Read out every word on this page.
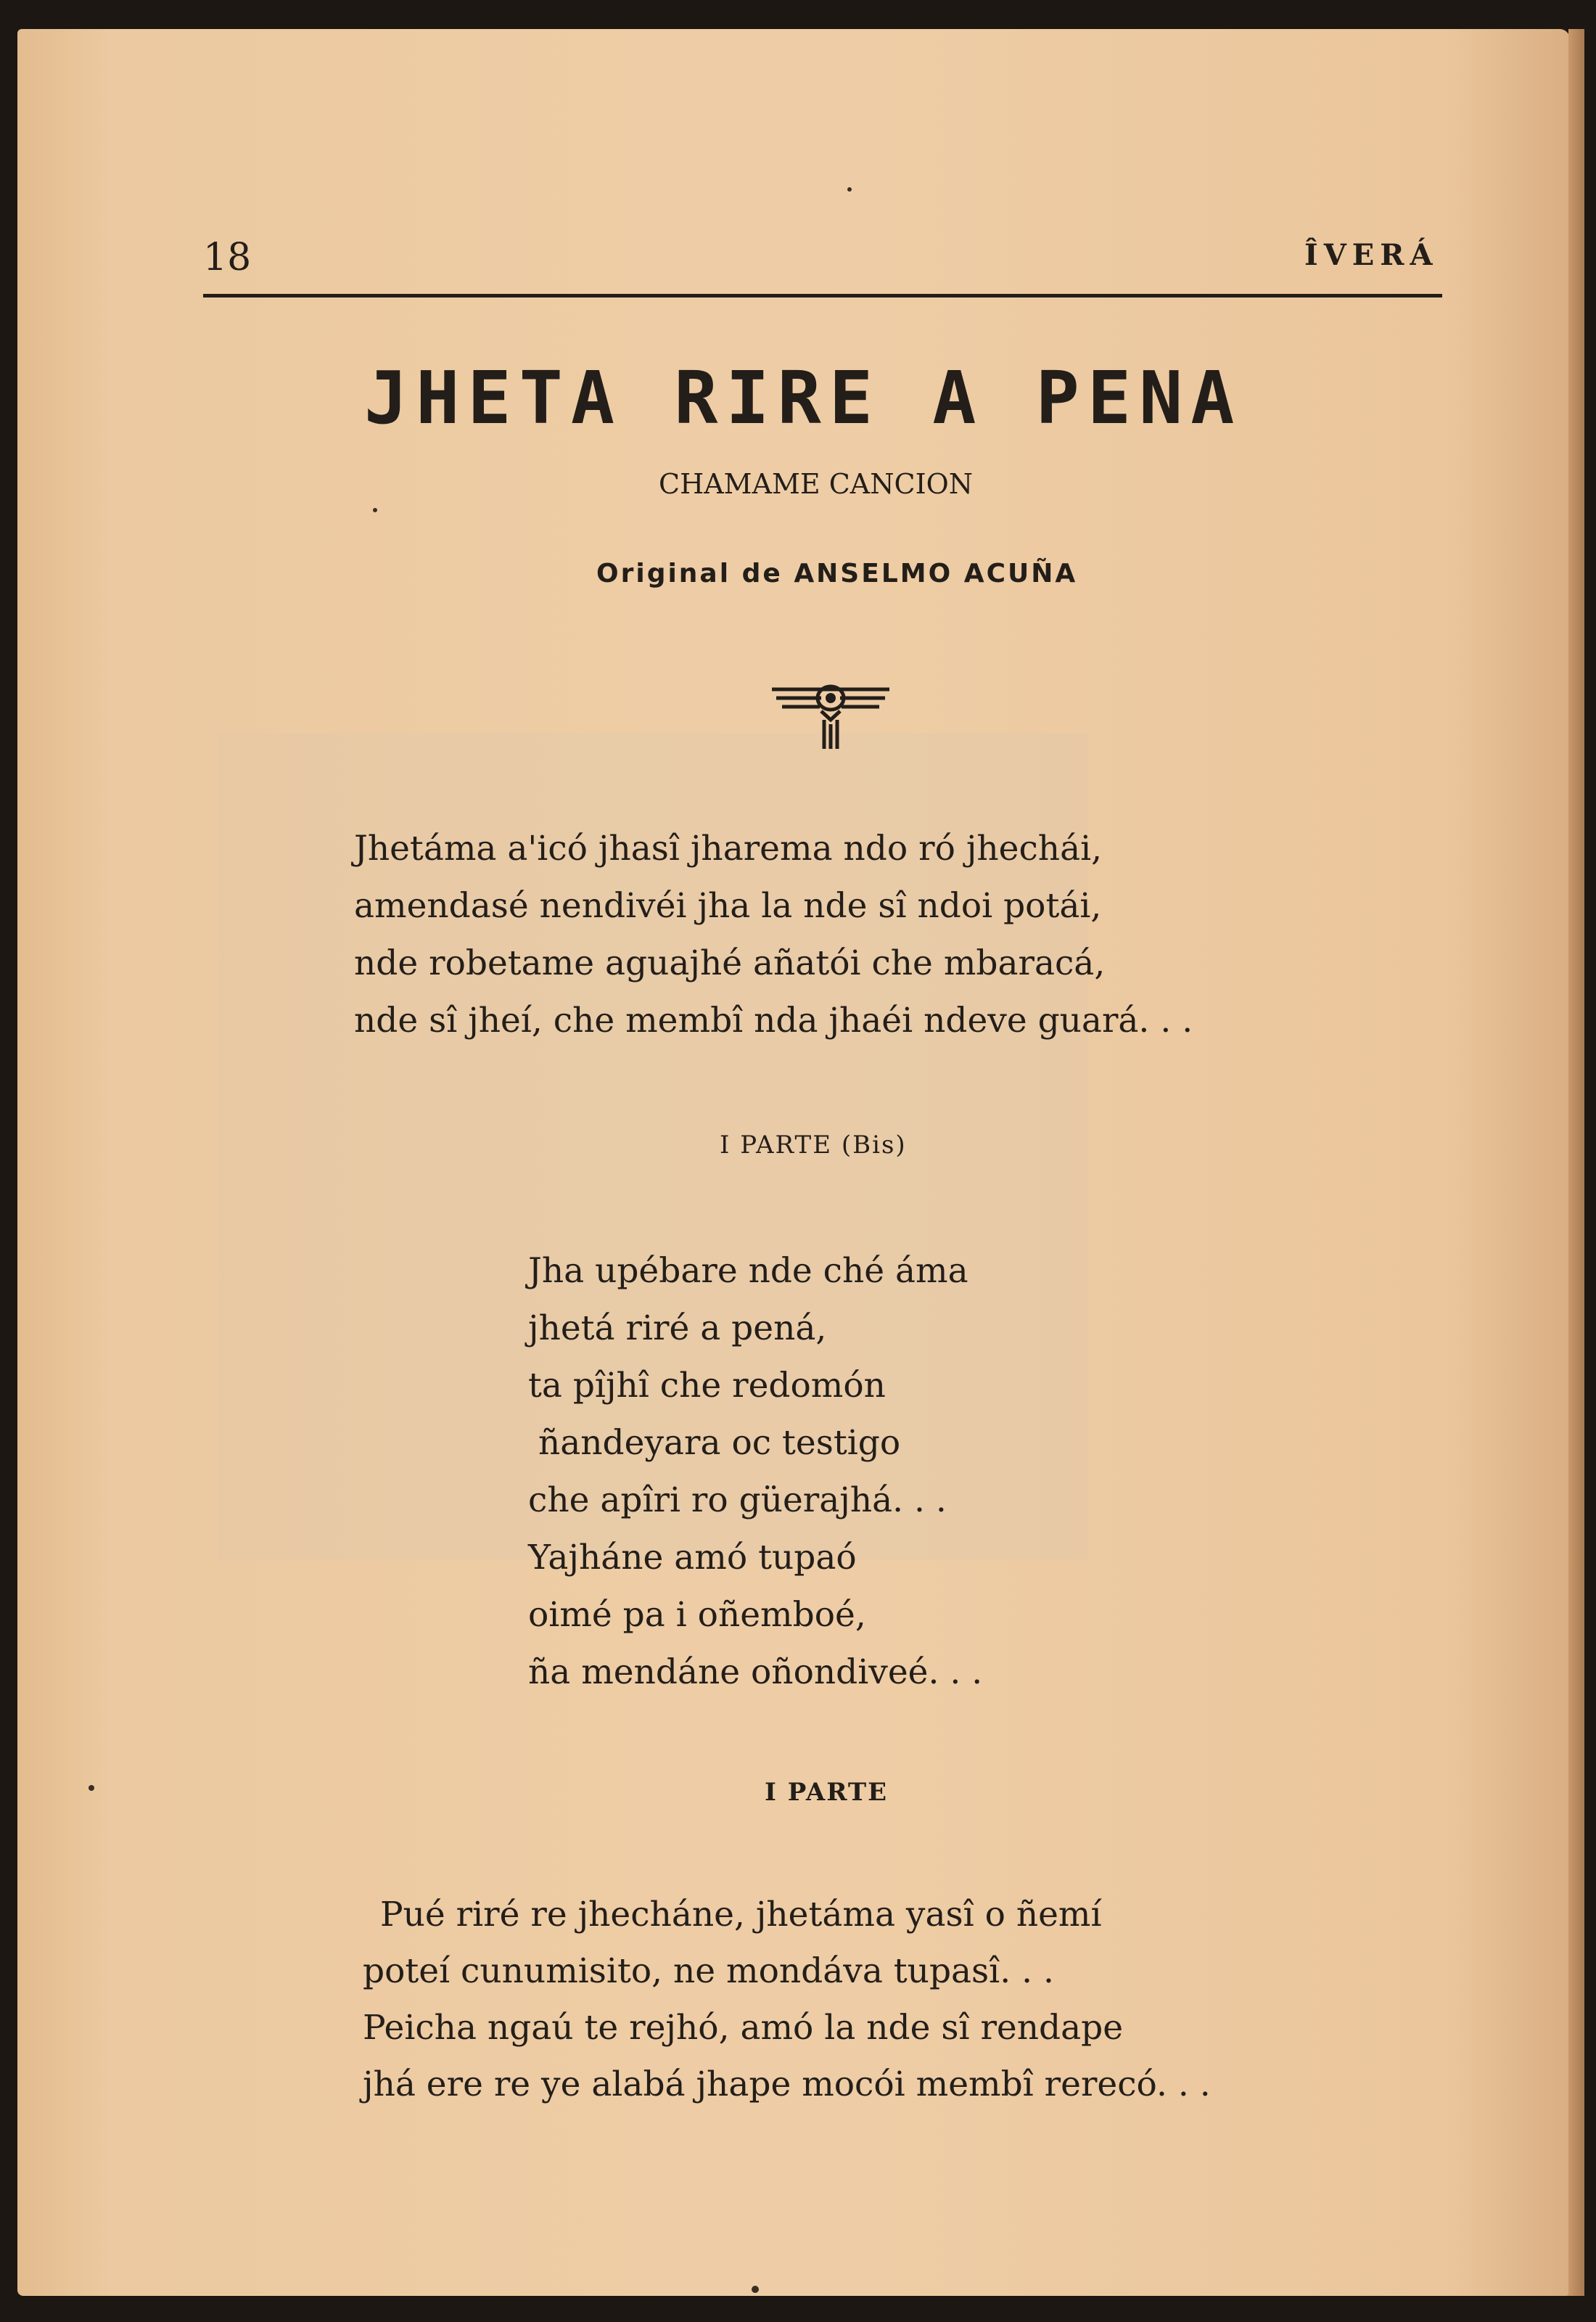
18	ÎVERÁ
JHETA RIRE A PENA
CHAMAME CANCION
Original de ANSELMO ACUÑA
Jhetáma a'icó jhasî jharema ndo ró jhechái,
amendasé nendivéi jha la nde sî ndoi potái,
nde robetame aguajhé añatói che mbaracá,
nde sî jheí, che membî nda jhaéi ndeve guará. . .
I PARTE (Bis)
Jha upébare nde ché áma
jhetá riré a pená,
ta pîjhî che redomón
ñandeyara oc testigo
che apîri ro güerajhá. . .
Yajháne amó tupaó
oimé pa i oñemboé,
ña mendáne oñondiveé. . .
I PARTE
Pué riré re jhecháne, jhetáma yasî o ñemí
poteí cunumisito, ne mondáva tupasî. . .
Peicha ngaú te rejhó, amó la nde sî rendape
jhá ere re ye alabá jhape mocói membî rerecó. . .
